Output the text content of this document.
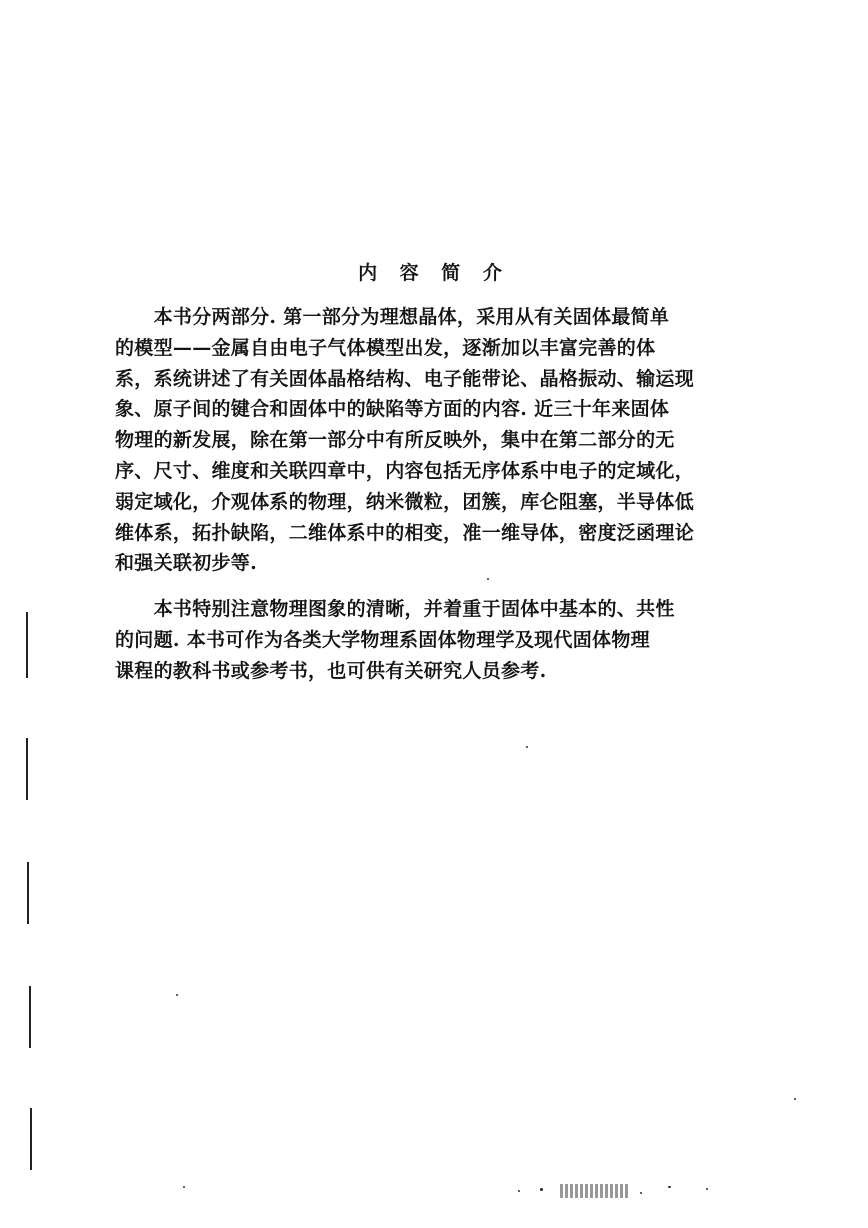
内 容 简 介

　　本书分两部分. 第一部分为理想晶体，采用从有关固体最简单
的模型——金属自由电子气体模型出发，逐渐加以丰富完善的体
系，系统讲述了有关固体晶格结构、电子能带论、晶格振动、输运现
象、原子间的键合和固体中的缺陷等方面的内容. 近三十年来固体
物理的新发展，除在第一部分中有所反映外，集中在第二部分的无
序、尺寸、维度和关联四章中，内容包括无序体系中电子的定域化，
弱定域化，介观体系的物理，纳米微粒，团簇，库仑阻塞，半导体低
维体系，拓扑缺陷，二维体系中的相变，准一维导体，密度泛函理论
和强关联初步等.

　　本书特别注意物理图象的清晰，并着重于固体中基本的、共性
的问题. 本书可作为各类大学物理系固体物理学及现代固体物理
课程的教科书或参考书，也可供有关研究人员参考.
